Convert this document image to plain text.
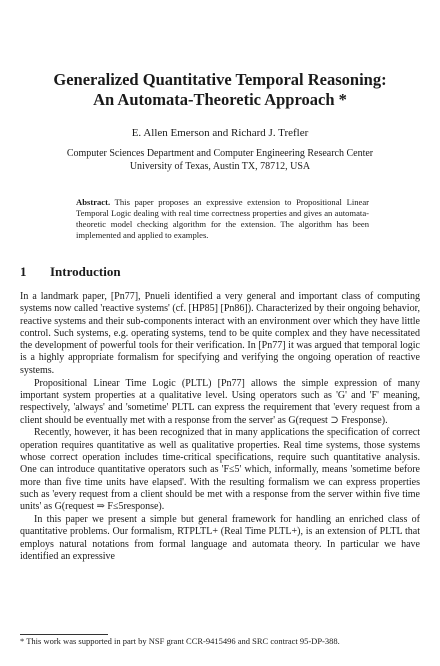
Generalized Quantitative Temporal Reasoning:
An Automata-Theoretic Approach *
E. Allen Emerson and Richard J. Trefler
Computer Sciences Department and Computer Engineering Research Center
University of Texas, Austin TX, 78712, USA
Abstract. This paper proposes an expressive extension to Propositional Linear Temporal Logic dealing with real time correctness properties and gives an automata-theoretic model checking algorithm for the extension. The algorithm has been implemented and applied to examples.
1 Introduction

In a landmark paper, [Pn77], Pnueli identified a very general and important class of computing systems now called 'reactive systems' (cf. [HP85] [Pn86]). Characterized by their ongoing behavior, reactive systems and their sub-components interact with an environment over which they have little control. Such systems, e.g. operating systems, tend to be quite complex and they have necessitated the development of powerful tools for their verification. In [Pn77] it was argued that temporal logic is a highly appropriate formalism for specifying and verifying the ongoing operation of reactive systems.

Propositional Linear Time Logic (PLTL) [Pn77] allows the simple expression of many important system properties at a qualitative level. Using operators such as 'G' and 'F' meaning, respectively, 'always' and 'sometime' PLTL can express the requirement that 'every request from a client should be eventually met with a response from the server' as G(request ⊃ Fresponse).

Recently, however, it has been recognized that in many applications the specification of correct operation requires quantitative as well as qualitative properties. Real time systems, those systems whose correct operation includes time-critical specifications, require such quantitative analysis. One can introduce quantitative operators such as 'F≤5' which, informally, means 'sometime before more than five time units have elapsed'. With the resulting formalism we can express properties such as 'every request from a client should be met with a response from the server within five time units' as G(request ⇒ F≤5response).

In this paper we present a simple but general framework for handling an enriched class of quantitative problems. Our formalism, RTPLTL+ (Real Time PLTL+), is an extension of PLTL that employs natural notations from formal language and automata theory. In particular we have identified an expressive

* This work was supported in part by NSF grant CCR-9415496 and SRC contract 95-DP-388.
